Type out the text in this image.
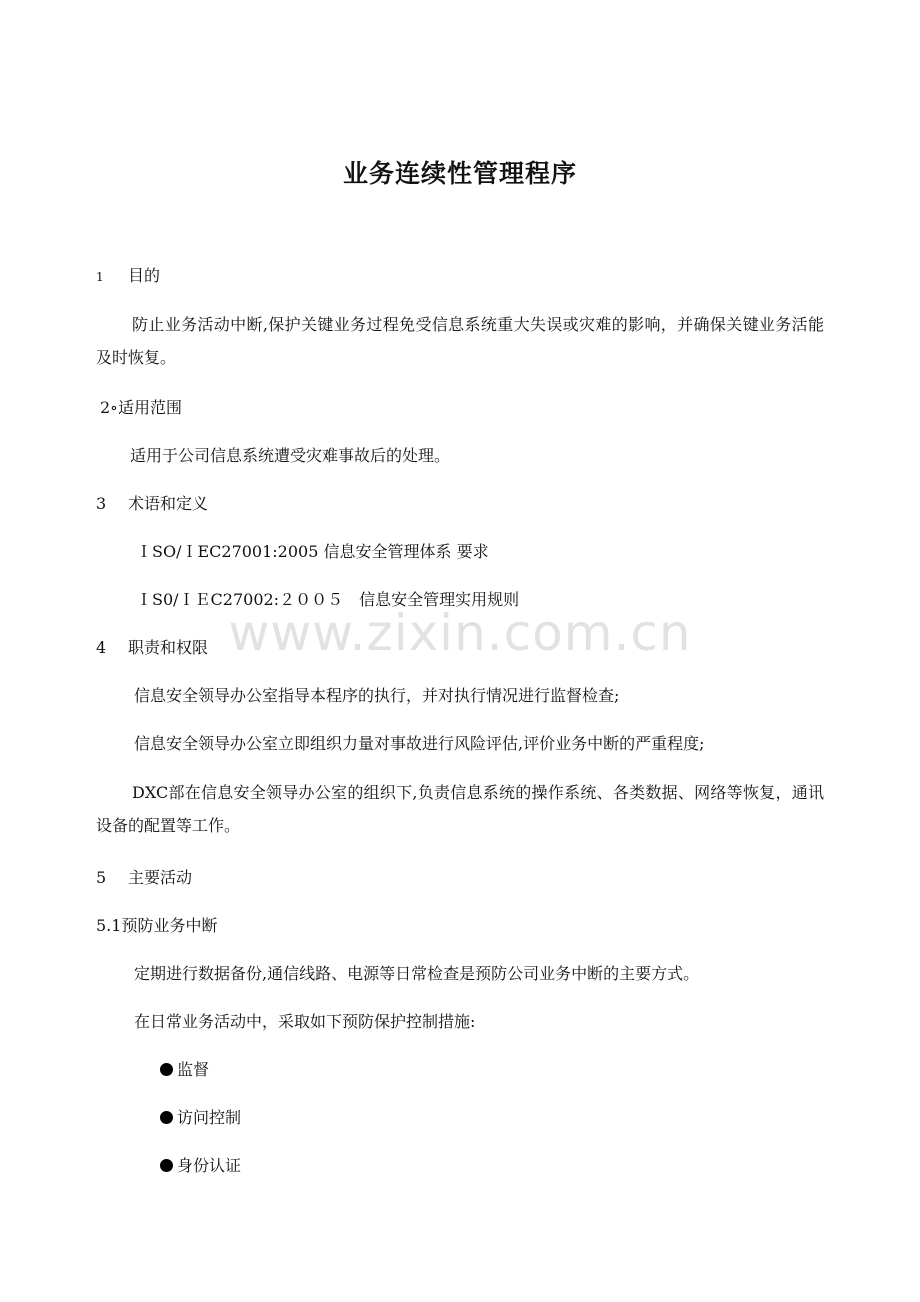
业务连续性管理程序
1 目的
防止业务活动中断,保护关键业务过程免受信息系统重大失误或灾难的影响，并确保关键业务活能及时恢复。
2∘适用范围
适用于公司信息系统遭受灾难事故后的处理。
3 术语和定义
ＩSO/ＩEC27001:2005 信息安全管理体系 要求
ＩS0/ＩＥC27002:２００５　信息安全管理实用规则
4 职责和权限
信息安全领导办公室指导本程序的执行，并对执行情况进行监督检查;
信息安全领导办公室立即组织力量对事故进行风险评估,评价业务中断的严重程度;
DXC部在信息安全领导办公室的组织下,负责信息系统的操作系统、各类数据、网络等恢复，通讯设备的配置等工作。
5 主要活动
5.1预防业务中断
定期进行数据备份,通信线路、电源等日常检查是预防公司业务中断的主要方式。
在日常业务活动中，采取如下预防保护控制措施:
监督
访问控制
身份认证
www.zixin.com.cn
